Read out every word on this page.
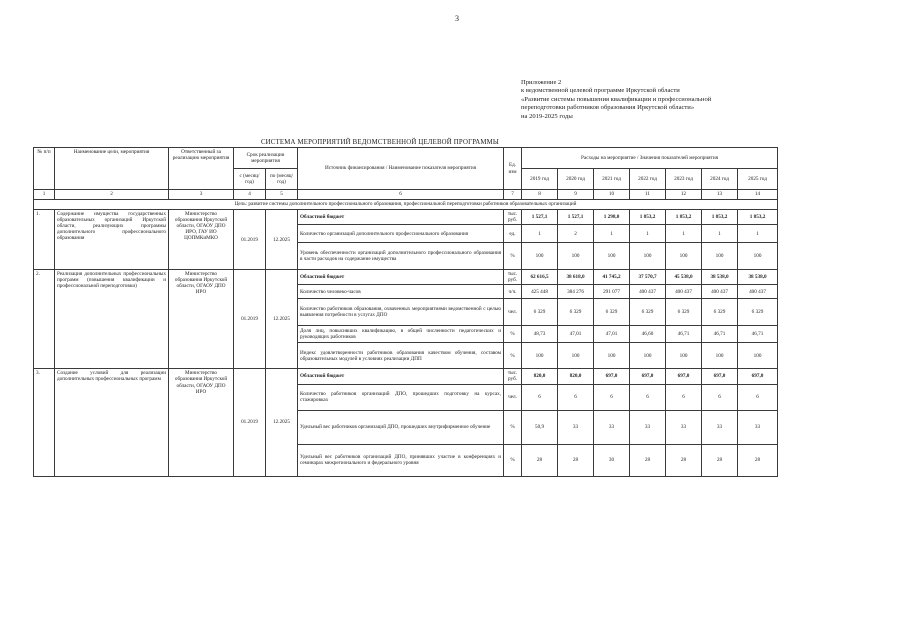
3
Приложение 2
к ведомственной целевой программе Иркутской области
«Развитие системы повышения квалификации и профессиональной
переподготовки работников образования Иркутской области»
на 2019-2025 годы
СИСТЕМА МЕРОПРИЯТИЙ ВЕДОМСТВЕННОЙ ЦЕЛЕВОЙ ПРОГРАММЫ
№ п/п	Наименование цели, мероприятия	Ответственный за реализацию мероприятия	Срок реализации мероприятия		Источник финансирования / Наименование показателя мероприятия	Ед. изм	Расходы на мероприятие / Значения показателей мероприятия						
			с (месяц/год)	по (месяц/год)			2019 год	2020 год	2021 год	2022 год	2023 год	2024 год	2025 год
1	2	3	4	5	6	7	8	9	10	11	12	13	14
Цель: развитие системы дополнительного профессионального образования, профессиональной переподготовки работников образовательных организаций													
1.	Содержание имущества государственных образовательных организаций Иркутской области, реализующих программы дополнительного профессионального образования	Министерство образования Иркутской области, ОГАОУ ДПО ИРО, ГАУ ИО ЦОПМКиМКО	01.2019	12.2025	Областной бюджет	тыс. руб.	1 527,1	1 527,1	1 298,0	1 853,2	1 853,2	1 853,2	1 853,2
					Количество организаций дополнительного профессионального образования	ед.	1	2	1	1	1	1	1
					Уровень обеспеченности организаций дополнительного профессионального образования в части расходов на содержание имущества	%	100	100	100	100	100	100	100
2.	Реализация дополнительных профессиональных программ (повышения квалификации и профессиональной переподготовки)	Министерство образования Иркутской области, ОГАОУ ДПО ИРО	01.2019	12.2025	Областной бюджет	тыс. руб.	62 616,5	38 618,0	41 745,2	37 570,7	45 538,0	38 538,0	38 538,0
					Количество человеко-часов	ч/ч.	425 448	384 276	291 077	400 437	400 437	400 437	400 437
					Количество работников образования, охваченных мероприятиями ведомственной с целью выявления потребности в услугах ДПО	чел.	6 329	6 329	6 329	6 329	6 329	6 329	6 329
					Доля лиц, повысивших квалификацию, в общей численности педагогических и руководящих работников	%	48,73	47,01	47,01	46,60	46,71	46,71	46,71
					Индекс удовлетворенности работников образования качеством обучения, составом образовательных модулей в условиях реализации ДПП	%	100	100	100	100	100	100	100
3.	Создание условий для реализации дополнительных профессиональных программ	Министерство образования Иркутской области, ОГАОУ ДПО ИРО	01.2019	12.2025	Областной бюджет	тыс. руб.	820,0	820,0	697,0	697,0	697,0	697,0	697,0
					Количество работников организаций ДПО, прошедших подготовку на курсах, стажировках	чел.	6	6	6	6	6	6	6
					Удельный вес работников организаций ДПО, прошедших внутрифирменное обучение	%	50,9	33	33	33	33	33	33
					Удельный вес работников организаций ДПО, принявших участие в конференциях и семинарах межрегионального и федерального уровня	%	28	28	30	28	28	28	28
